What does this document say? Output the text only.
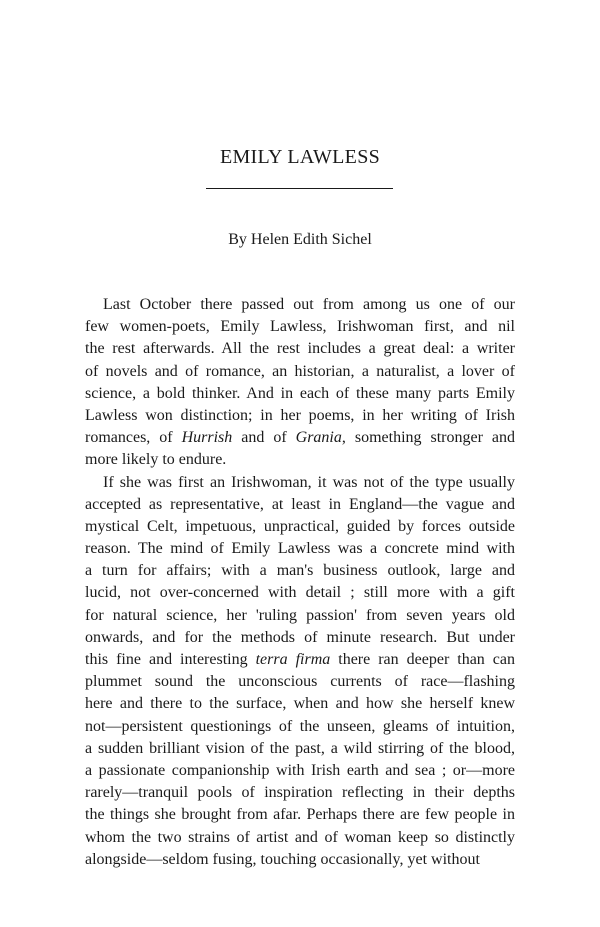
EMILY LAWLESS

By Helen Edith Sichel

Last October there passed out from among us one of our
few women-poets, Emily Lawless, Irishwoman first, and nil
the rest afterwards. All the rest includes a great deal: a writer
of novels and of romance, an historian, a naturalist, a lover of
science, a bold thinker. And in each of these many parts Emily
Lawless won distinction; in her poems, in her writing of Irish
romances, of Hurrish and of Grania, something stronger and
more likely to endure.
If she was first an Irishwoman, it was not of the type usually
accepted as representative, at least in England—the vague and
mystical Celt, impetuous, unpractical, guided by forces outside
reason. The mind of Emily Lawless was a concrete mind with
a turn for affairs; with a man's business outlook, large and
lucid, not over-concerned with detail ; still more with a gift
for natural science, her 'ruling passion' from seven years old
onwards, and for the methods of minute research. But under
this fine and interesting terra firma there ran deeper than can
plummet sound the unconscious currents of race—flashing
here and there to the surface, when and how she herself knew
not—persistent questionings of the unseen, gleams of intuition,
a sudden brilliant vision of the past, a wild stirring of the blood,
a passionate companionship with Irish earth and sea ; or—more
rarely—tranquil pools of inspiration reflecting in their depths
the things she brought from afar. Perhaps there are few people in
whom the two strains of artist and of woman keep so distinctly
alongside—seldom fusing, touching occasionally, yet without
